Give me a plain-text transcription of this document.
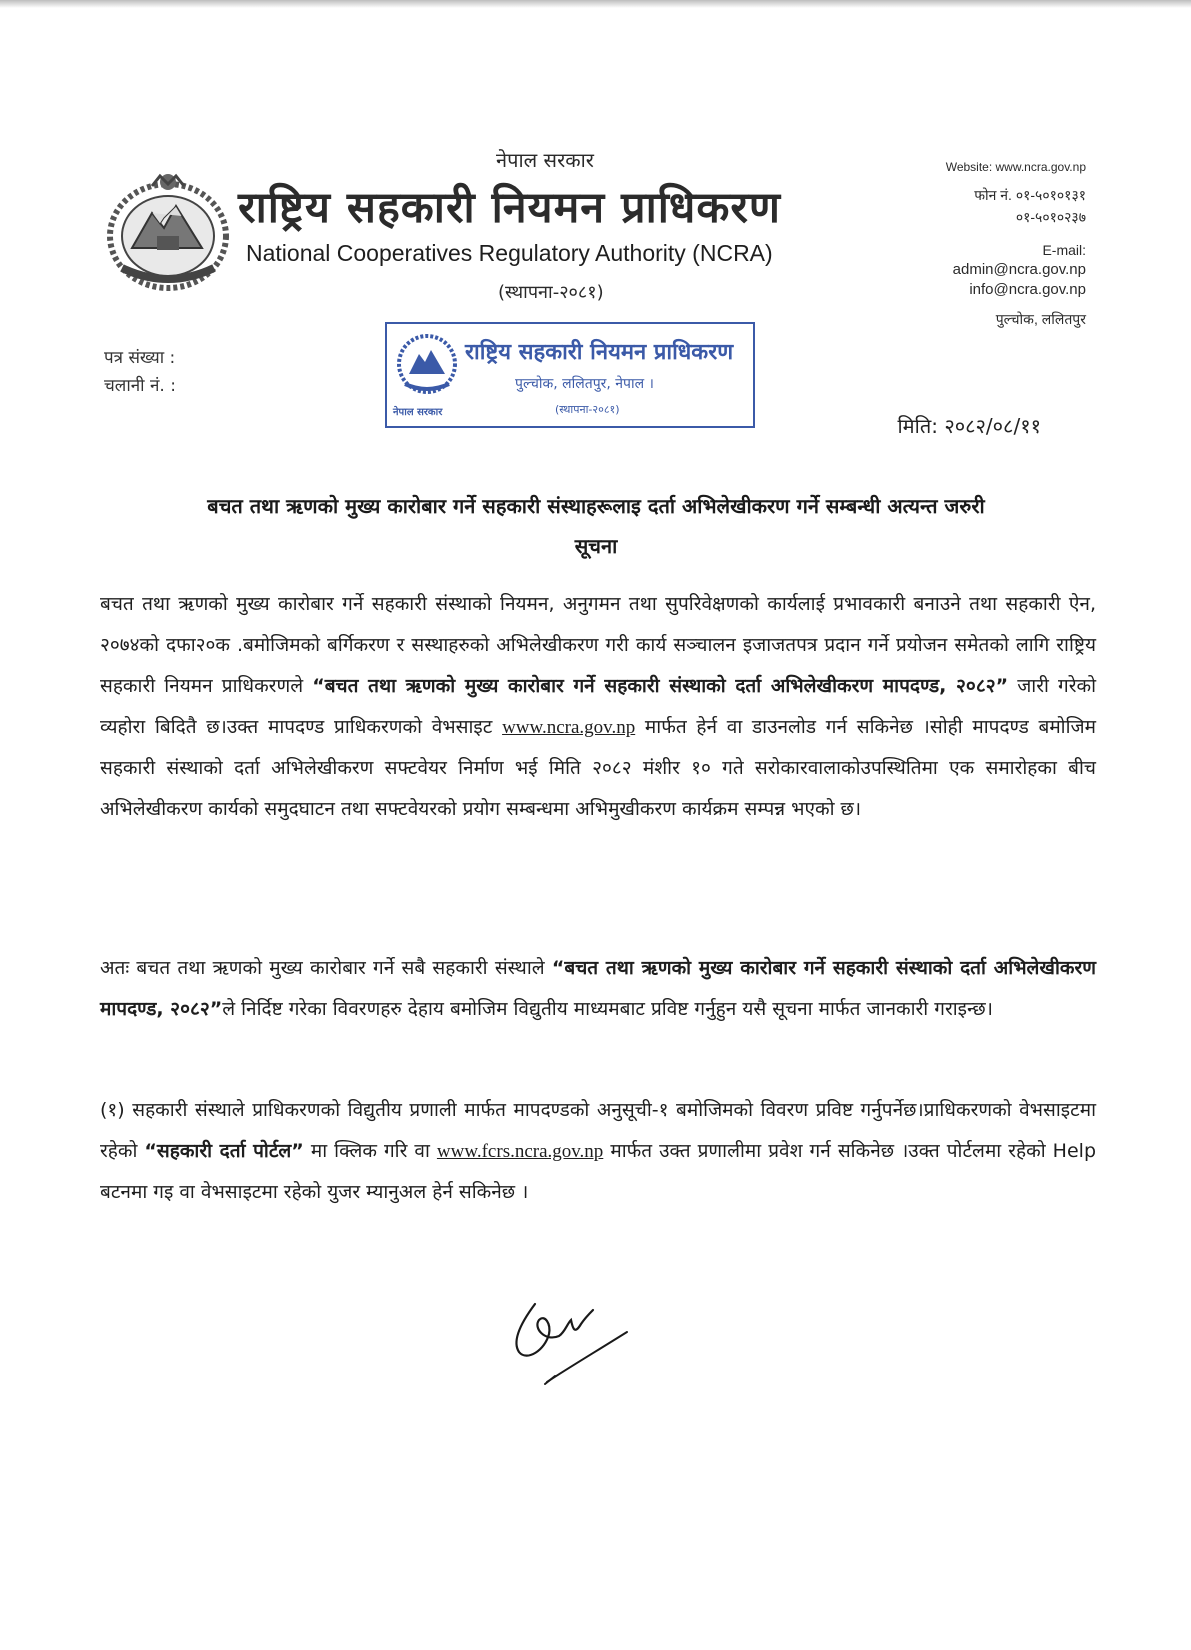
नेपाल सरकार
राष्ट्रिय सहकारी नियमन प्राधिकरण
National Cooperatives Regulatory Authority (NCRA)
(स्थापना-२०८१)
Website: www.ncra.gov.np
फोन नं. ०१-५०१०१३१
०१-५०१०२३७
E-mail:
admin@ncra.gov.np
info@ncra.gov.np
पुल्चोक, ललितपुर
पत्र संख्या :
चलानी नं. :
नेपाल सरकार
राष्ट्रिय सहकारी नियमन प्राधिकरण
पुल्चोक, ललितपुर, नेपाल ।
(स्थापना-२०८१)
मिति: २०८२/०८/११
बचत तथा ऋणको मुख्य कारोबार गर्ने सहकारी संस्थाहरूलाइ दर्ता अभिलेखीकरण गर्ने सम्बन्धी अत्यन्त जरुरी
सूचना
बचत तथा ऋणको मुख्य कारोबार गर्ने सहकारी संस्थाको नियमन, अनुगमन तथा सुपरिवेक्षणको कार्यलाई प्रभावकारी बनाउने तथा सहकारी ऐन, २०७४को दफा२०क .बमोजिमको बर्गिकरण र सस्थाहरुको अभिलेखीकरण गरी कार्य सञ्चालन इजाजतपत्र प्रदान गर्ने प्रयोजन समेतको लागि राष्ट्रिय सहकारी नियमन प्राधिकरणले “बचत तथा ऋणको मुख्य कारोबार गर्ने सहकारी संस्थाको दर्ता अभिलेखीकरण मापदण्ड, २०८२” जारी गरेको व्यहोरा बिदितै छ।उक्त मापदण्ड प्राधिकरणको वेभसाइट www.ncra.gov.np मार्फत हेर्न वा डाउनलोड गर्न सकिनेछ ।सोही मापदण्ड बमोजिम सहकारी संस्थाको दर्ता अभिलेखीकरण सफ्टवेयर निर्माण भई मिति २०८२ मंशीर १० गते सरोकारवालाकोउपस्थितिमा एक समारोहका बीच अभिलेखीकरण कार्यको समुदघाटन तथा सफ्टवेयरको प्रयोग सम्बन्धमा अभिमुखीकरण कार्यक्रम सम्पन्न भएको छ।
अतः बचत तथा ऋणको मुख्य कारोबार गर्ने सबै सहकारी संस्थाले “बचत तथा ऋणको मुख्य कारोबार गर्ने सहकारी संस्थाको दर्ता अभिलेखीकरण मापदण्ड, २०८२”ले निर्दिष्ट गरेका विवरणहरु देहाय बमोजिम विद्युतीय माध्यमबाट प्रविष्ट गर्नुहुन यसै सूचना मार्फत जानकारी गराइन्छ।
(१) सहकारी संस्थाले प्राधिकरणको विद्युतीय प्रणाली मार्फत मापदण्डको अनुसूची-१ बमोजिमको विवरण प्रविष्ट गर्नुपर्नेछ।प्राधिकरणको वेभसाइटमा रहेको “सहकारी दर्ता पोर्टल” मा क्लिक गरि वा www.fcrs.ncra.gov.np मार्फत उक्त प्रणालीमा प्रवेश गर्न सकिनेछ ।उक्त पोर्टलमा रहेको Help बटनमा गइ वा वेभसाइटमा रहेको युजर म्यानुअल हेर्न सकिनेछ ।
